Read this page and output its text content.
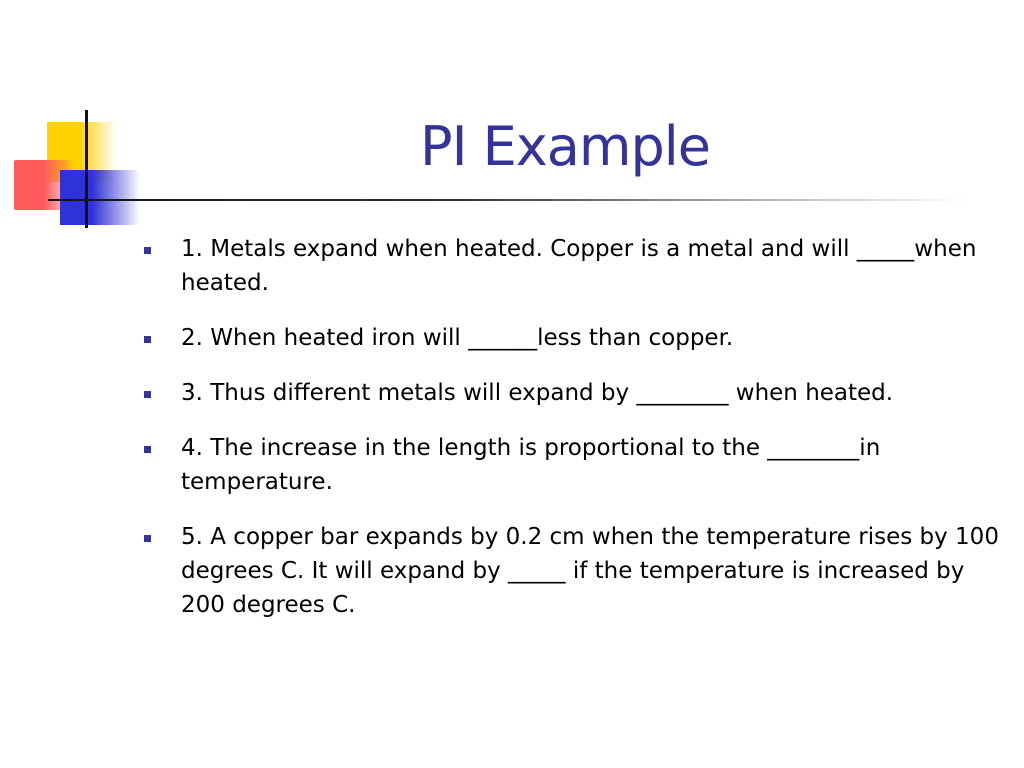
PI Example
1. Metals expand when heated. Copper is a metal and will _____when heated.
2. When heated iron will ______less than copper.
3. Thus different metals will expand by ________ when heated.
4. The increase in the length is proportional to the ________in temperature.
5. A copper bar expands by 0.2 cm when the temperature rises by 100 degrees C. It will expand by _____ if the temperature is increased by 200 degrees C.
